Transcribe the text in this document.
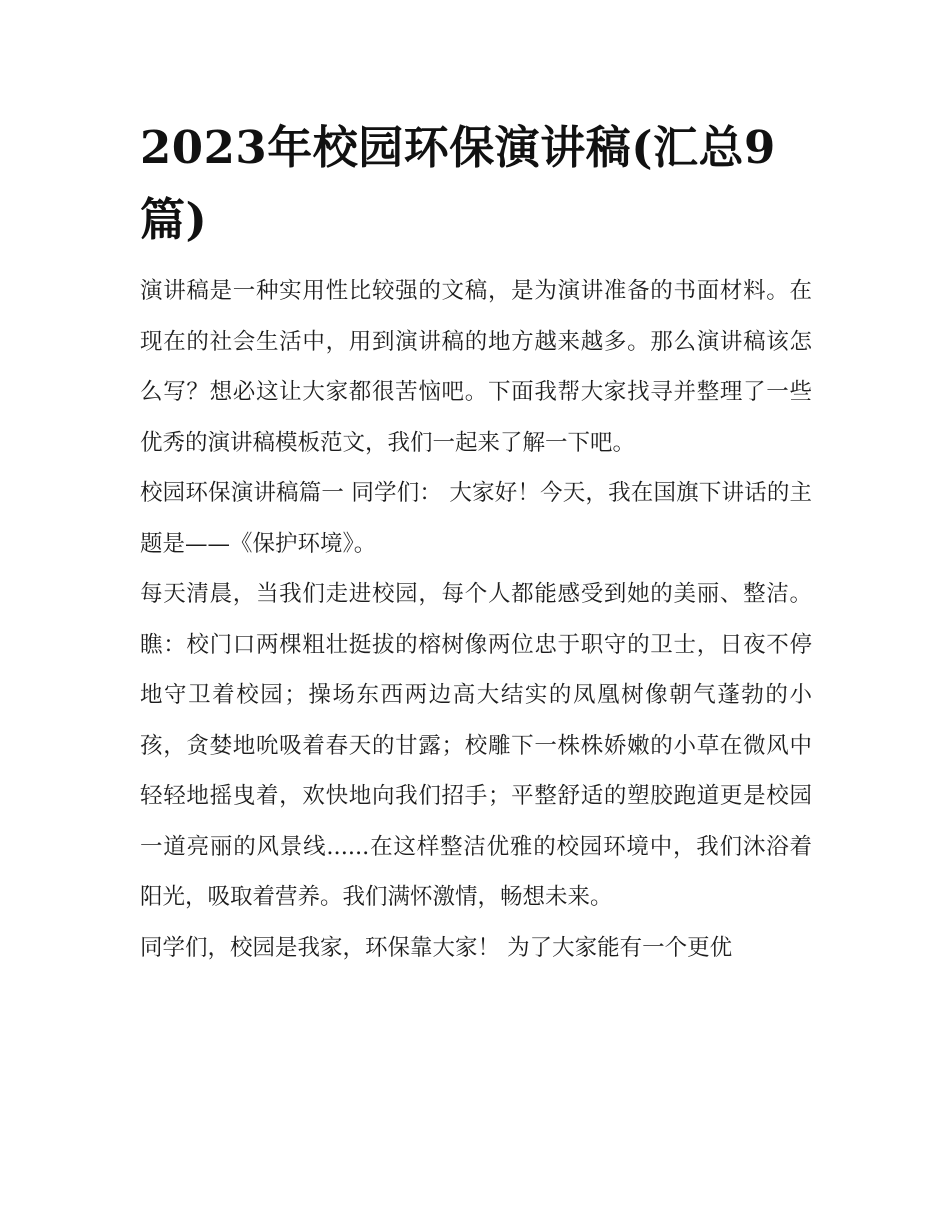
2023年校园环保演讲稿(汇总9篇)

演讲稿是一种实用性比较强的文稿，是为演讲准备的书面材料。在现在的社会生活中，用到演讲稿的地方越来越多。那么演讲稿该怎么写？想必这让大家都很苦恼吧。下面我帮大家找寻并整理了一些优秀的演讲稿模板范文，我们一起来了解一下吧。

校园环保演讲稿篇一 同学们： 大家好！今天，我在国旗下讲话的主题是——《保护环境》。

每天清晨，当我们走进校园，每个人都能感受到她的美丽、整洁。瞧：校门口两棵粗壮挺拔的榕树像两位忠于职守的卫士，日夜不停地守卫着校园；操场东西两边高大结实的凤凰树像朝气蓬勃的小孩，贪婪地吮吸着春天的甘露；校雕下一株株娇嫩的小草在微风中轻轻地摇曳着，欢快地向我们招手；平整舒适的塑胶跑道更是校园一道亮丽的风景线......在这样整洁优雅的校园环境中，我们沐浴着阳光，吸取着营养。我们满怀激情，畅想未来。

同学们，校园是我家，环保靠大家！ 为了大家能有一个更优
